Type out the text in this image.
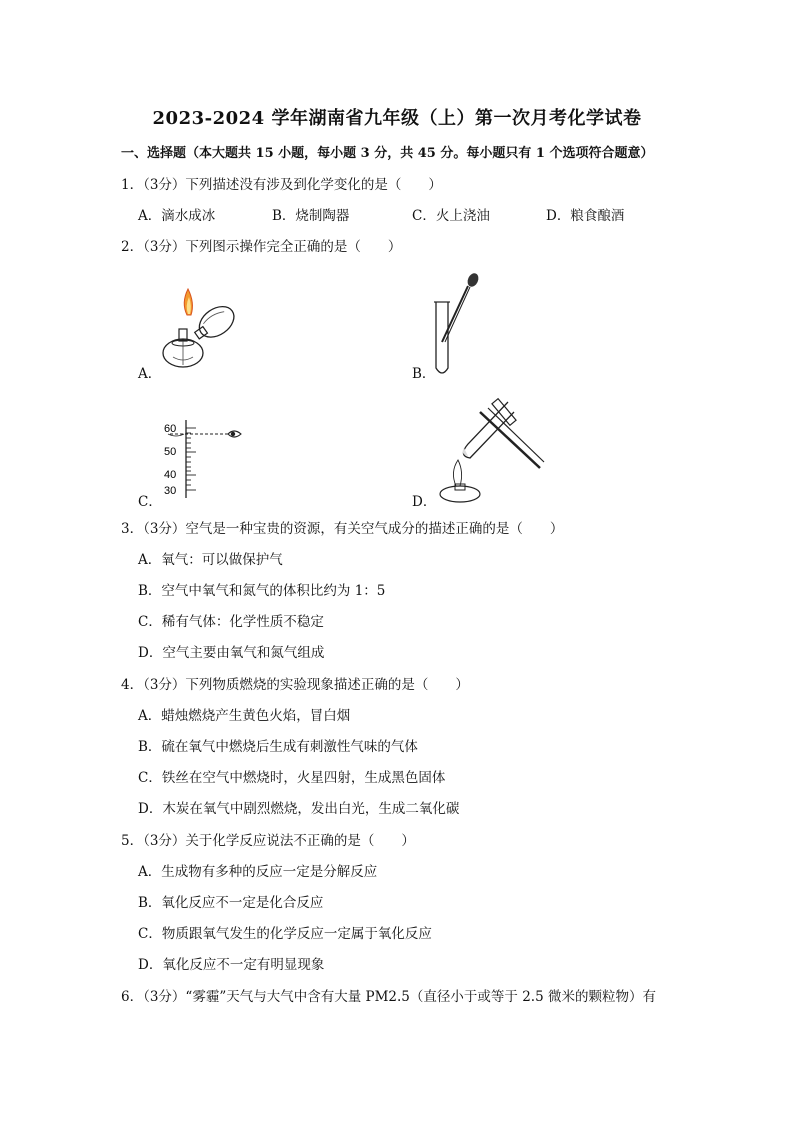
2023-2024 学年湖南省九年级（上）第一次月考化学试卷
一、选择题（本大题共 15 小题，每小题 3 分，共 45 分。每小题只有 1 个选项符合题意）
1．（3分）下列描述没有涉及到化学变化的是（　　）
A．滴水成冰	B．烧制陶器	C．火上浇油	D．粮食酿酒
2．（3分）下列图示操作完全正确的是（　　）
A．	B．
C．
60
50
40
30
D．
3．（3分）空气是一种宝贵的资源，有关空气成分的描述正确的是（　　）
A．氧气：可以做保护气
B．空气中氧气和氮气的体积比约为 1：5
C．稀有气体：化学性质不稳定
D．空气主要由氧气和氮气组成
4．（3分）下列物质燃烧的实验现象描述正确的是（　　）
A．蜡烛燃烧产生黄色火焰，冒白烟
B．硫在氧气中燃烧后生成有刺激性气味的气体
C．铁丝在空气中燃烧时，火星四射，生成黑色固体
D．木炭在氧气中剧烈燃烧，发出白光，生成二氧化碳
5．（3分）关于化学反应说法不正确的是（　　）
A．生成物有多种的反应一定是分解反应
B．氧化反应不一定是化合反应
C．物质跟氧气发生的化学反应一定属于氧化反应
D．氧化反应不一定有明显现象
6．（3分）“雾霾”天气与大气中含有大量 PM2.5（直径小于或等于 2.5 微米的颗粒物）有
